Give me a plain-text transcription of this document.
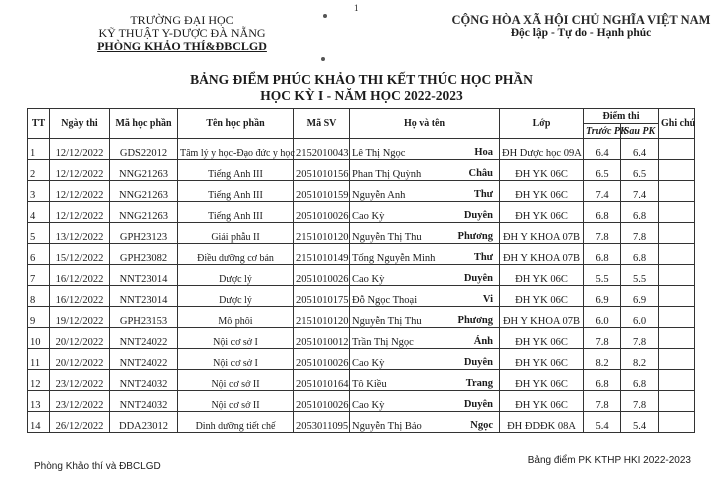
1
TRƯỜNG ĐẠI HỌC
KỸ THUẬT Y-DƯỢC ĐÀ NẴNG
PHÒNG KHẢO THÍ&ĐBCLGD
CỘNG HÒA XÃ HỘI CHỦ NGHĨA VIỆT NAM
Độc lập - Tự do - Hạnh phúc
BẢNG ĐIỂM PHÚC KHẢO THI KẾT THÚC HỌC PHẦN
HỌC KỲ I - NĂM HỌC 2022-2023
TT	Ngày thi	Mã học phần	Tên học phần	Mã SV	Họ và tên	Lớp	Điểm thi		Ghi chú
							Trước PK	Sau PK	
1	12/12/2022	GDS22012	Tâm lý y học-Đạo đức y học	2152010043	Lê Thị Ngọc Hoa	ĐH Dược học 09A	6.4	6.4	
2	12/12/2022	NNG21263	Tiếng Anh III	2051010156	Phan Thị Quỳnh Châu	ĐH YK 06C	6.5	6.5	
3	12/12/2022	NNG21263	Tiếng Anh III	2051010159	Nguyễn Anh Thư	ĐH YK 06C	7.4	7.4	
4	12/12/2022	NNG21263	Tiếng Anh III	2051010026	Cao Kỳ Duyên	ĐH YK 06C	6.8	6.8	
5	13/12/2022	GPH23123	Giải phẫu II	2151010120	Nguyễn Thị Thu Phương	ĐH Y KHOA 07B	7.8	7.8	
6	15/12/2022	GPH23082	Điều dưỡng cơ bản	2151010149	Tống Nguyễn Minh Thư	ĐH Y KHOA 07B	6.8	6.8	
7	16/12/2022	NNT23014	Dược lý	2051010026	Cao Kỳ Duyên	ĐH YK 06C	5.5	5.5	
8	16/12/2022	NNT23014	Dược lý	2051010175	Đỗ Ngọc Thoại Vi	ĐH YK 06C	6.9	6.9	
9	19/12/2022	GPH23153	Mô phôi	2151010120	Nguyễn Thị Thu Phương	ĐH Y KHOA 07B	6.0	6.0	
10	20/12/2022	NNT24022	Nội cơ sở I	2051010012	Trần Thị Ngọc Ánh	ĐH YK 06C	7.8	7.8	
11	20/12/2022	NNT24022	Nội cơ sở I	2051010026	Cao Kỳ Duyên	ĐH YK 06C	8.2	8.2	
12	23/12/2022	NNT24032	Nội cơ sở II	2051010164	Tô Kiều Trang	ĐH YK 06C	6.8	6.8	
13	23/12/2022	NNT24032	Nội cơ sở II	2051010026	Cao Kỳ Duyên	ĐH YK 06C	7.8	7.8	
14	26/12/2022	DDA23012	Dinh dưỡng tiết chế	2053011095	Nguyễn Thị Bảo Ngọc	ĐH ĐDĐK 08A	5.4	5.4	
Phòng Khảo thí và ĐBCLGD
Bảng điểm PK KTHP HKI 2022-2023
